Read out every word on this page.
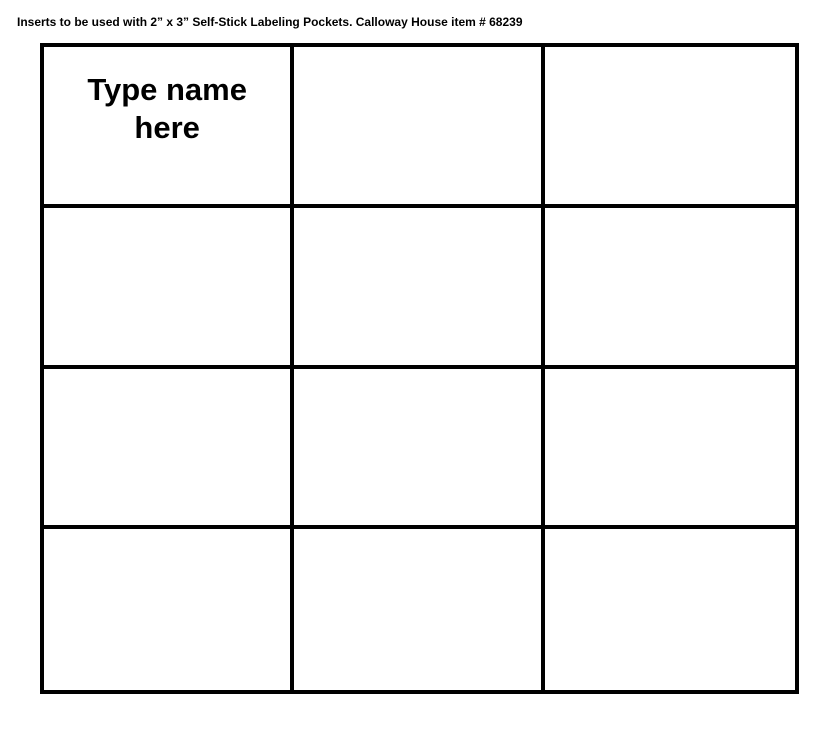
Inserts to be used with 2” x 3” Self-Stick Labeling Pockets. Calloway House item # 68239
Type name
here
